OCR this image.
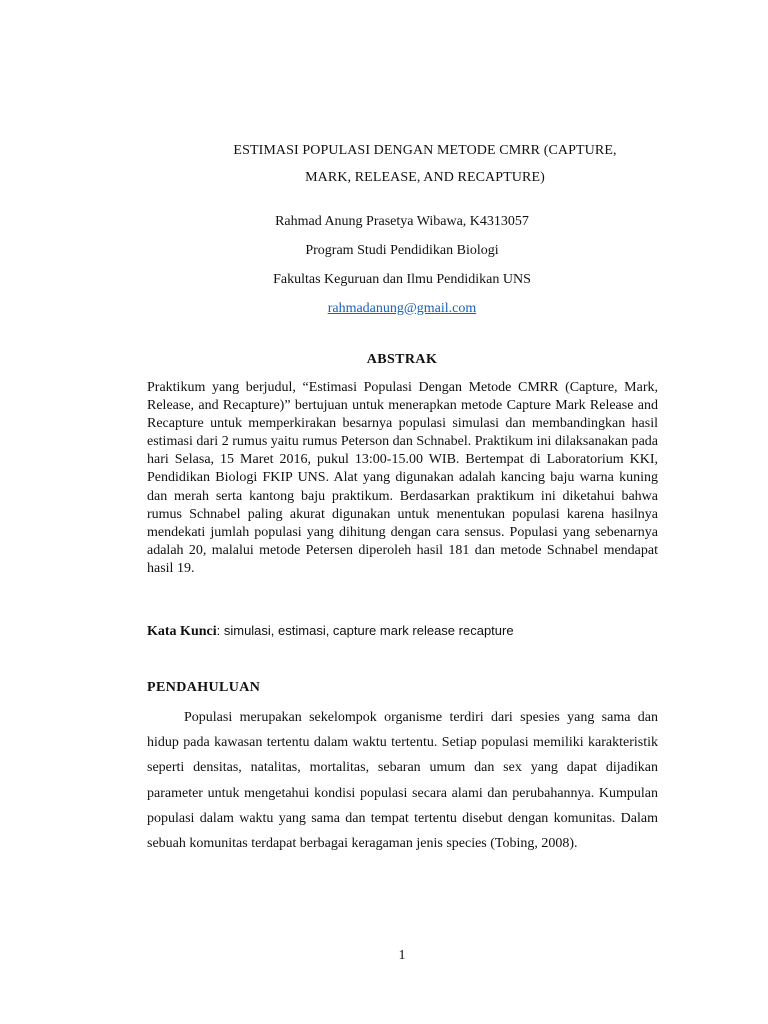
ESTIMASI POPULASI DENGAN METODE CMRR (CAPTURE,
MARK, RELEASE, AND RECAPTURE)
Rahmad Anung Prasetya Wibawa, K4313057
Program Studi Pendidikan Biologi
Fakultas Keguruan dan Ilmu Pendidikan UNS
rahmadanung@gmail.com
ABSTRAK

Praktikum yang berjudul, “Estimasi Populasi Dengan Metode CMRR (Capture, Mark, Release, and Recapture)” bertujuan untuk menerapkan metode Capture Mark Release and Recapture untuk memperkirakan besarnya populasi simulasi dan membandingkan hasil estimasi dari 2 rumus yaitu rumus Peterson dan Schnabel. Praktikum ini dilaksanakan pada hari Selasa, 15 Maret 2016, pukul 13:00-15.00 WIB. Bertempat di Laboratorium KKI, Pendidikan Biologi FKIP UNS. Alat yang digunakan adalah kancing baju warna kuning dan merah serta kantong baju praktikum. Berdasarkan praktikum ini diketahui bahwa rumus Schnabel paling akurat digunakan untuk menentukan populasi karena hasilnya mendekati jumlah populasi yang dihitung dengan cara sensus. Populasi yang sebenarnya adalah 20, malalui metode Petersen diperoleh hasil 181 dan metode Schnabel mendapat hasil 19.

Kata Kunci: simulasi, estimasi, capture mark release recapture
PENDAHULUAN

Populasi merupakan sekelompok organisme terdiri dari spesies yang sama dan hidup pada kawasan tertentu dalam waktu tertentu. Setiap populasi memiliki karakteristik seperti densitas, natalitas, mortalitas, sebaran umum dan sex yang dapat dijadikan parameter untuk mengetahui kondisi populasi secara alami dan perubahannya. Kumpulan populasi dalam waktu yang sama dan tempat tertentu disebut dengan komunitas. Dalam sebuah komunitas terdapat berbagai keragaman jenis species (Tobing, 2008).

1
